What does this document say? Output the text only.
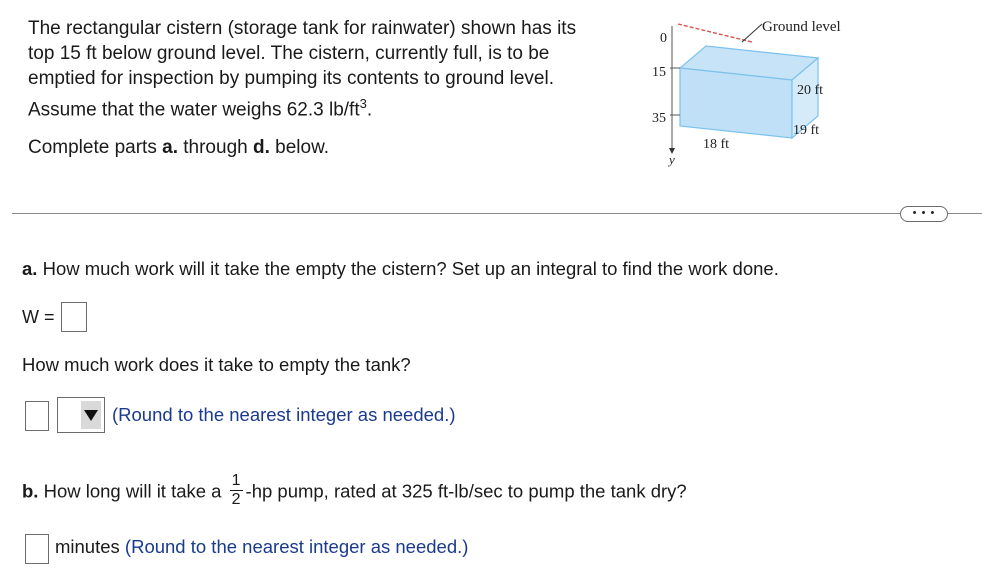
The rectangular cistern (storage tank for rainwater) shown has its

top 15 ft below ground level. The cistern, currently full, is to be

emptied for inspection by pumping its contents to ground level.

Assume that the water weighs 62.3 $lb/ft^3$.

Complete parts a. through d. below.
Ground level
0
15
35
y
20 ft
19 ft
18 ft
• • •
a. How much work will it take the empty the cistern? Set up an integral to find the work done.
W =
How much work does it take to empty the tank?
(Round to the nearest integer as needed.)
b. How long will it take a $\frac{1}{2} -hp$ pump, rated at 325 ft-lb/sec to pump the tank dry?
minutes (Round to the nearest integer as needed.)
